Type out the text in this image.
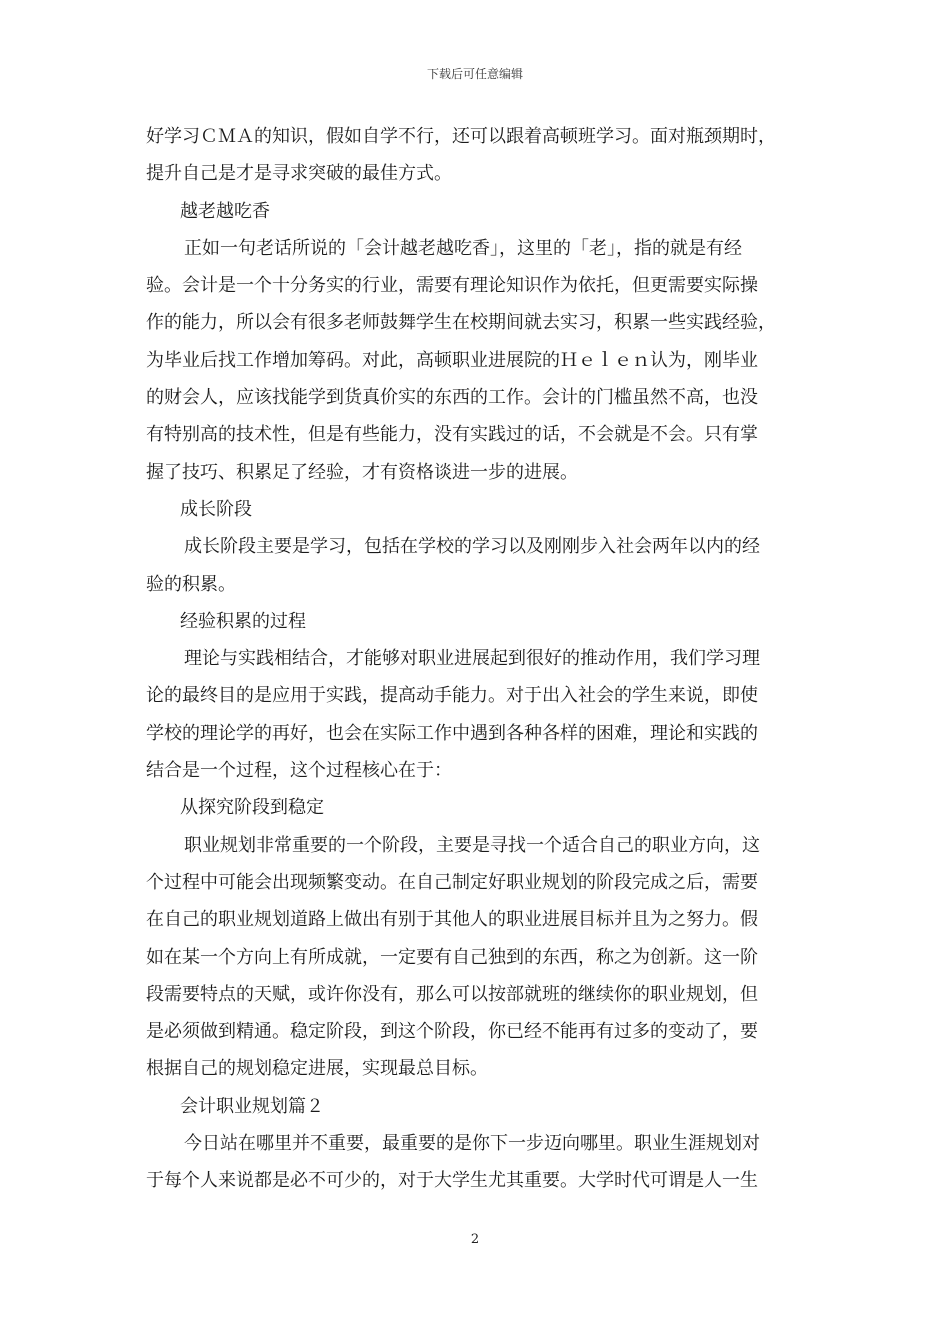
下载后可任意编辑
好学习ＣＭＡ的知识，假如自学不行，还可以跟着高顿班学习。面对瓶颈期时，
提升自己是才是寻求突破的最佳方式。
越老越吃香
正如一句老话所说的「会计越老越吃香」，这里的「老」，指的就是有经
验。会计是一个十分务实的行业，需要有理论知识作为依托，但更需要实际操
作的能力，所以会有很多老师鼓舞学生在校期间就去实习，积累一些实践经验，
为毕业后找工作增加筹码。对此，高顿职业进展院的Ｈｅｌｅｎ认为，刚毕业
的财会人，应该找能学到货真价实的东西的工作。会计的门槛虽然不高，也没
有特别高的技术性，但是有些能力，没有实践过的话，不会就是不会。只有掌
握了技巧、积累足了经验，才有资格谈进一步的进展。
成长阶段
成长阶段主要是学习，包括在学校的学习以及刚刚步入社会两年以内的经
验的积累。
经验积累的过程
理论与实践相结合，才能够对职业进展起到很好的推动作用，我们学习理
论的最终目的是应用于实践，提高动手能力。对于出入社会的学生来说，即使
学校的理论学的再好，也会在实际工作中遇到各种各样的困难，理论和实践的
结合是一个过程，这个过程核心在于：
从探究阶段到稳定
职业规划非常重要的一个阶段，主要是寻找一个适合自己的职业方向，这
个过程中可能会出现频繁变动。在自己制定好职业规划的阶段完成之后，需要
在自己的职业规划道路上做出有别于其他人的职业进展目标并且为之努力。假
如在某一个方向上有所成就，一定要有自己独到的东西，称之为创新。这一阶
段需要特点的天赋，或许你没有，那么可以按部就班的继续你的职业规划，但
是必须做到精通。稳定阶段，到这个阶段，你已经不能再有过多的变动了，要
根据自己的规划稳定进展，实现最总目标。
会计职业规划篇２
今日站在哪里并不重要，最重要的是你下一步迈向哪里。职业生涯规划对
于每个人来说都是必不可少的，对于大学生尤其重要。大学时代可谓是人一生
2
